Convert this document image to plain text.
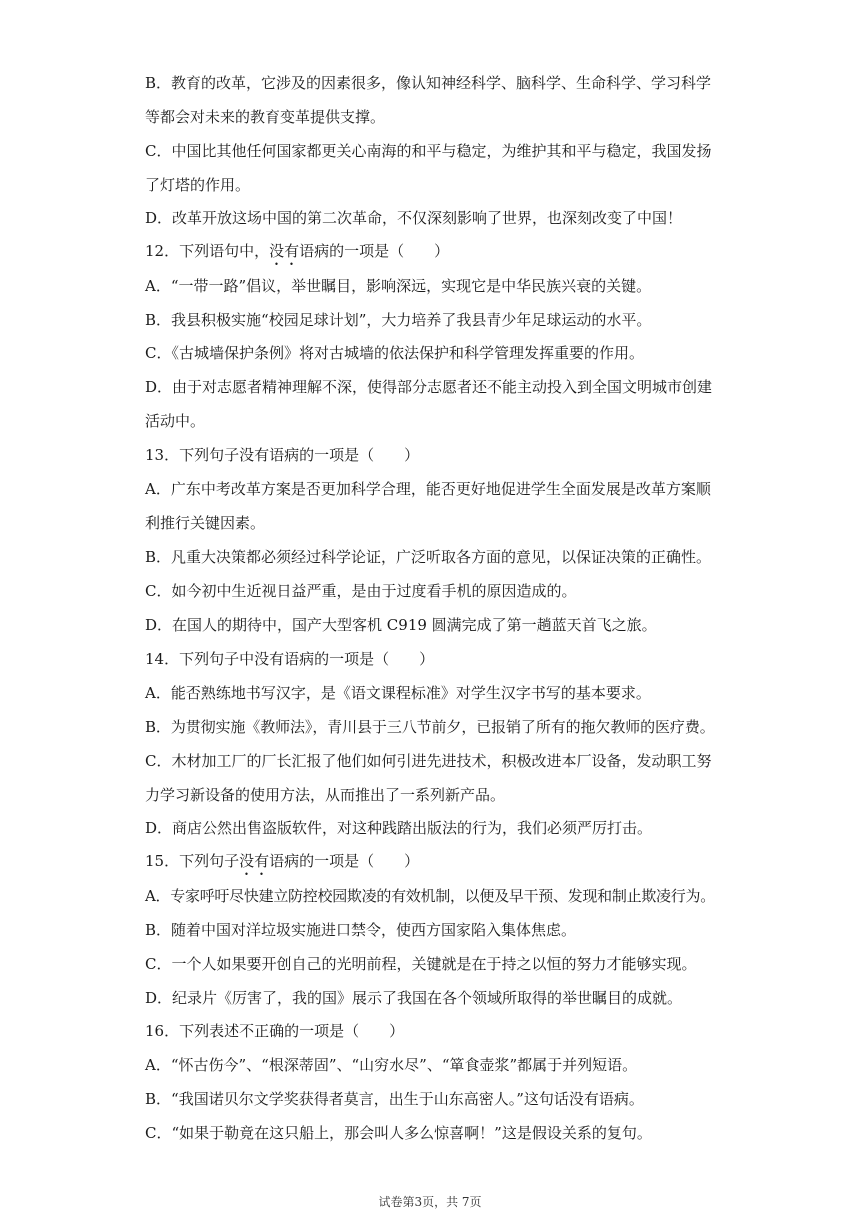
B．教育的改革，它涉及的因素很多，像认知神经科学、脑科学、生命科学、学习科学
等都会对未来的教育变革提供支撑。
C．中国比其他任何国家都更关心南海的和平与稳定，为维护其和平与稳定，我国发扬
了灯塔的作用。
D．改革开放这场中国的第二次革命，不仅深刻影响了世界，也深刻改变了中国！
12．下列语句中，没有语病的一项是（　　）
A．“一带一路”倡议，举世瞩目，影响深远，实现它是中华民族兴衰的关键。
B．我县积极实施“校园足球计划”，大力培养了我县青少年足球运动的水平。
C．《古城墙保护条例》将对古城墙的依法保护和科学管理发挥重要的作用。
D．由于对志愿者精神理解不深，使得部分志愿者还不能主动投入到全国文明城市创建
活动中。
13．下列句子没有语病的一项是（　　）
A．广东中考改革方案是否更加科学合理，能否更好地促进学生全面发展是改革方案顺
利推行关键因素。
B．凡重大决策都必须经过科学论证，广泛听取各方面的意见，以保证决策的正确性。
C．如今初中生近视日益严重，是由于过度看手机的原因造成的。
D．在国人的期待中，国产大型客机 C919 圆满完成了第一趟蓝天首飞之旅。
14．下列句子中没有语病的一项是（　　）
A．能否熟练地书写汉字，是《语文课程标准》对学生汉字书写的基本要求。
B．为贯彻实施《教师法》，青川县于三八节前夕，已报销了所有的拖欠教师的医疗费。
C．木材加工厂的厂长汇报了他们如何引进先进技术，积极改进本厂设备，发动职工努
力学习新设备的使用方法，从而推出了一系列新产品。
D．商店公然出售盗版软件，对这种践踏出版法的行为，我们必须严厉打击。
15．下列句子没有语病的一项是（　　）
A．专家呼吁尽快建立防控校园欺凌的有效机制，以便及早干预、发现和制止欺凌行为。
B．随着中国对洋垃圾实施进口禁令，使西方国家陷入集体焦虑。
C．一个人如果要开创自己的光明前程，关键就是在于持之以恒的努力才能够实现。
D．纪录片《厉害了，我的国》展示了我国在各个领域所取得的举世瞩目的成就。
16．下列表述不正确的一项是（　　）
A．“怀古伤今”、“根深蒂固”、“山穷水尽”、“箪食壶浆”都属于并列短语。
B．“我国诺贝尔文学奖获得者莫言，出生于山东高密人。”这句话没有语病。
C．“如果于勒竟在这只船上，那会叫人多么惊喜啊！”这是假设关系的复句。
试卷第3页，共 7页
